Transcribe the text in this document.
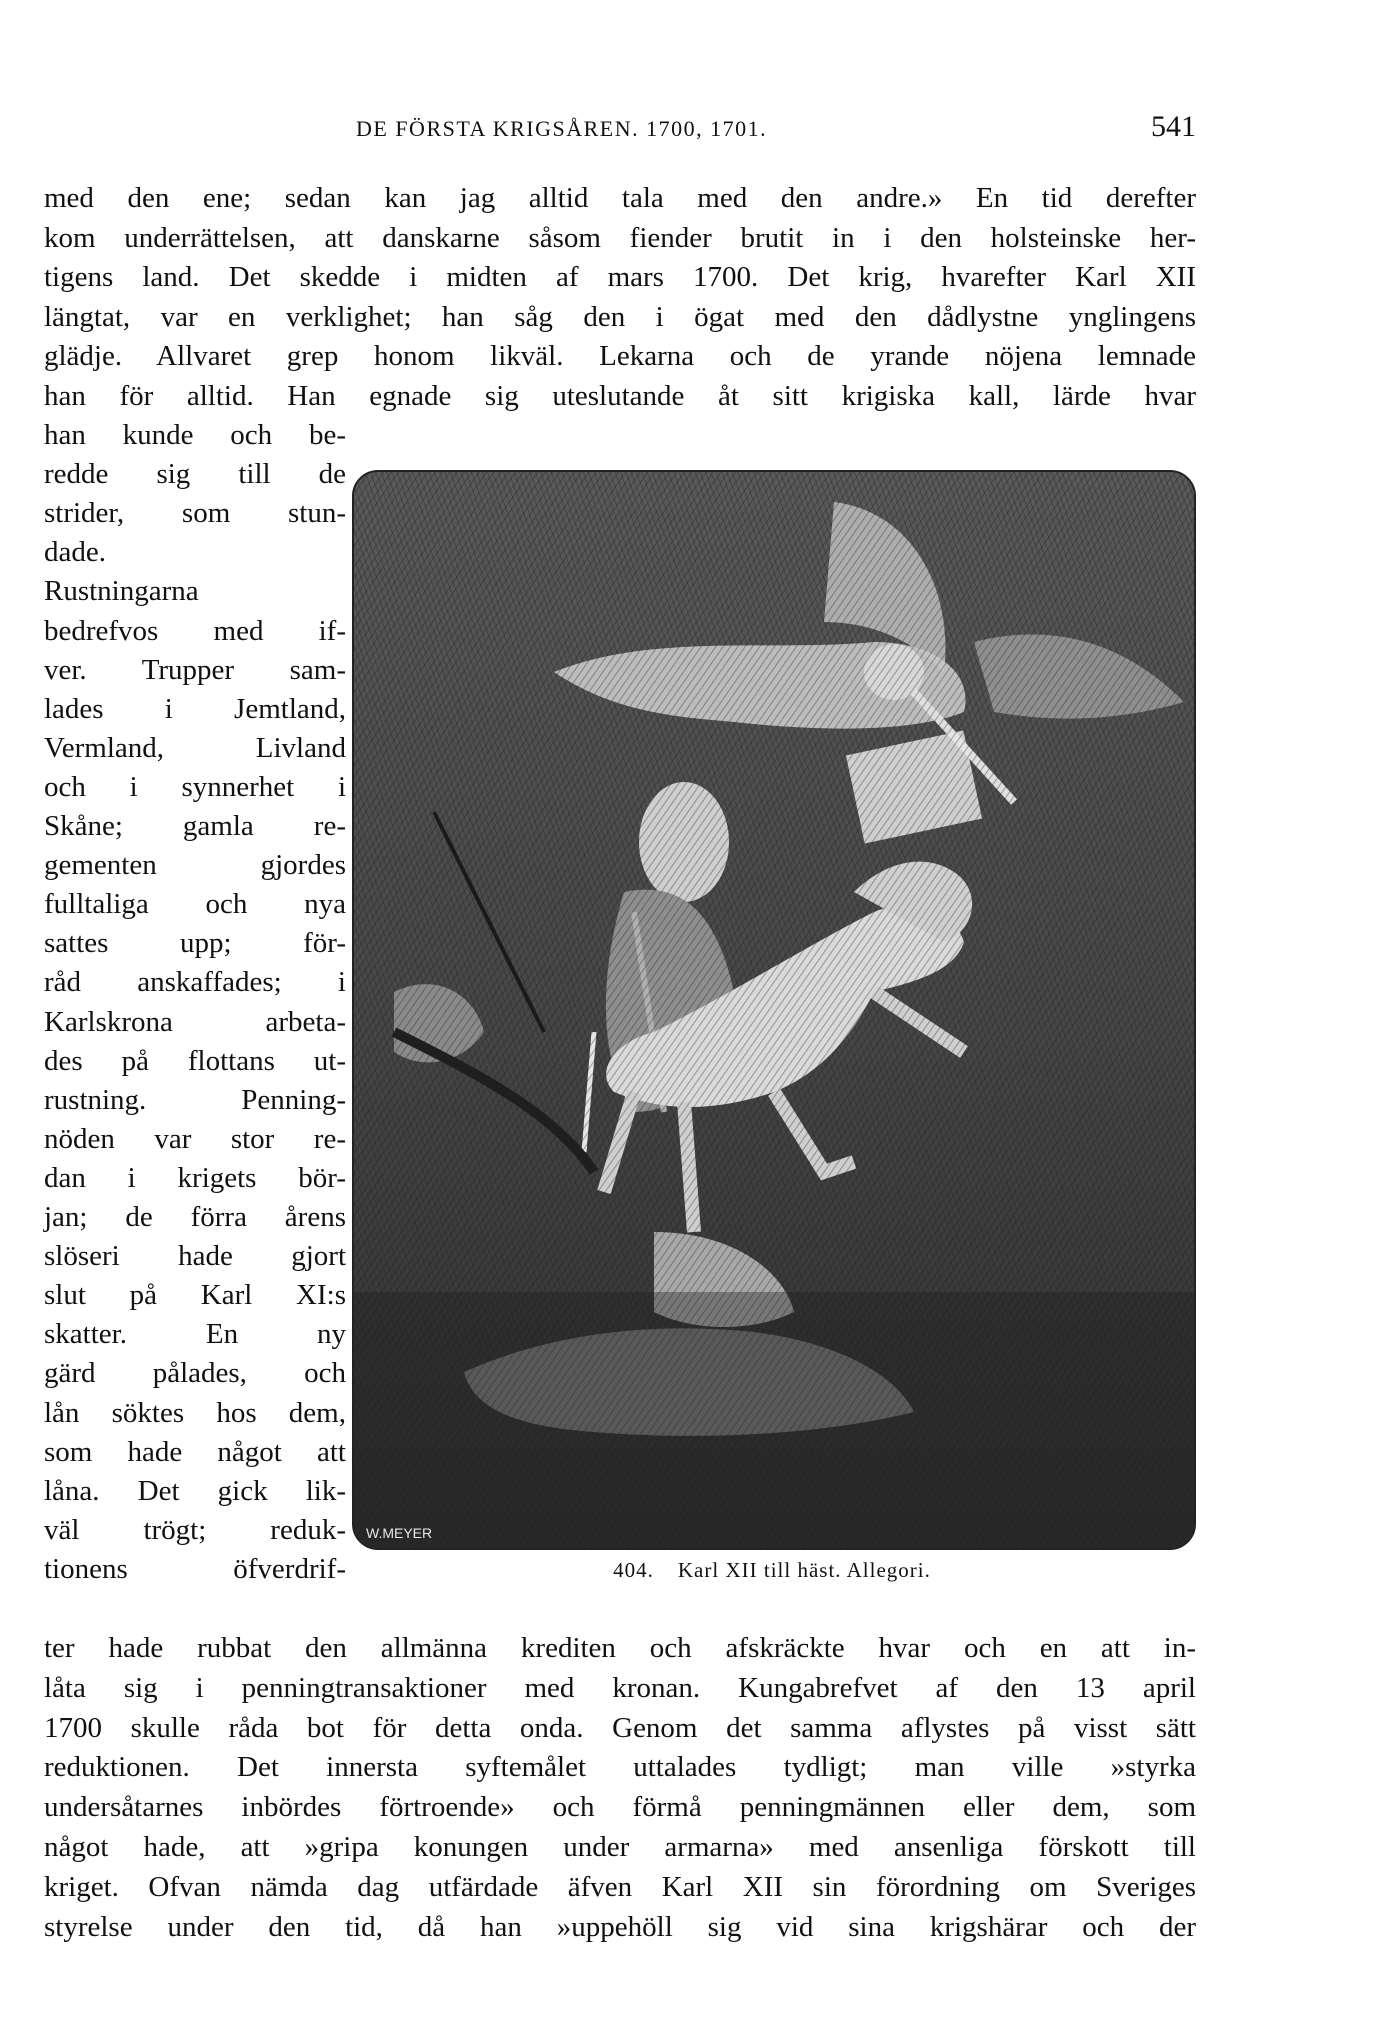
DE FÖRSTA KRIGSÅREN. 1700, 1701.	541
med den ene; sedan kan jag alltid tala med den andre.» En tid derefter
kom underrättelsen, att danskarne såsom fiender brutit in i den holsteinske her-
tigens land. Det skedde i midten af mars 1700. Det krig, hvarefter Karl XII
längtat, var en verklighet; han såg den i ögat med den dådlystne ynglingens
glädje. Allvaret grep honom likväl. Lekarna och de yrande nöjena lemnade
han för alltid. Han egnade sig uteslutande åt sitt krigiska kall, lärde hvar
han kunde och be-
redde sig till de
strider, som stun-
dade.
Rustningarna
bedrefvos med if-
ver. Trupper sam-
lades i Jemtland,
Vermland, Livland
och i synnerhet i
Skåne; gamla re-
gementen gjordes
fulltaliga och nya
sattes upp; för-
råd anskaffades; i
Karlskrona arbeta-
des på flottans ut-
rustning. Penning-
nöden var stor re-
dan i krigets bör-
jan; de förra årens
slöseri hade gjort
slut på Karl XI:s
skatter. En ny
gärd pålades, och
lån söktes hos dem,
som hade något att
låna. Det gick lik-
väl trögt; reduk-
tionens öfverdrif-
ter hade rubbat den allmänna krediten och afskräckte hvar och en att in-
låta sig i penningtransaktioner med kronan. Kungabrefvet af den 13 april
1700 skulle råda bot för detta onda. Genom det samma aflystes på visst sätt
reduktionen. Det innersta syftemålet uttalades tydligt; man ville »styrka
undersåtarnes inbördes förtroende» och förmå penningmännen eller dem, som
något hade, att »gripa konungen under armarna» med ansenliga förskott till
kriget. Ofvan nämda dag utfärdade äfven Karl XII sin förordning om Sveriges
styrelse under den tid, då han »uppehöll sig vid sina krigshärar och der
W.MEYER
404. Karl XII till häst. Allegori.
